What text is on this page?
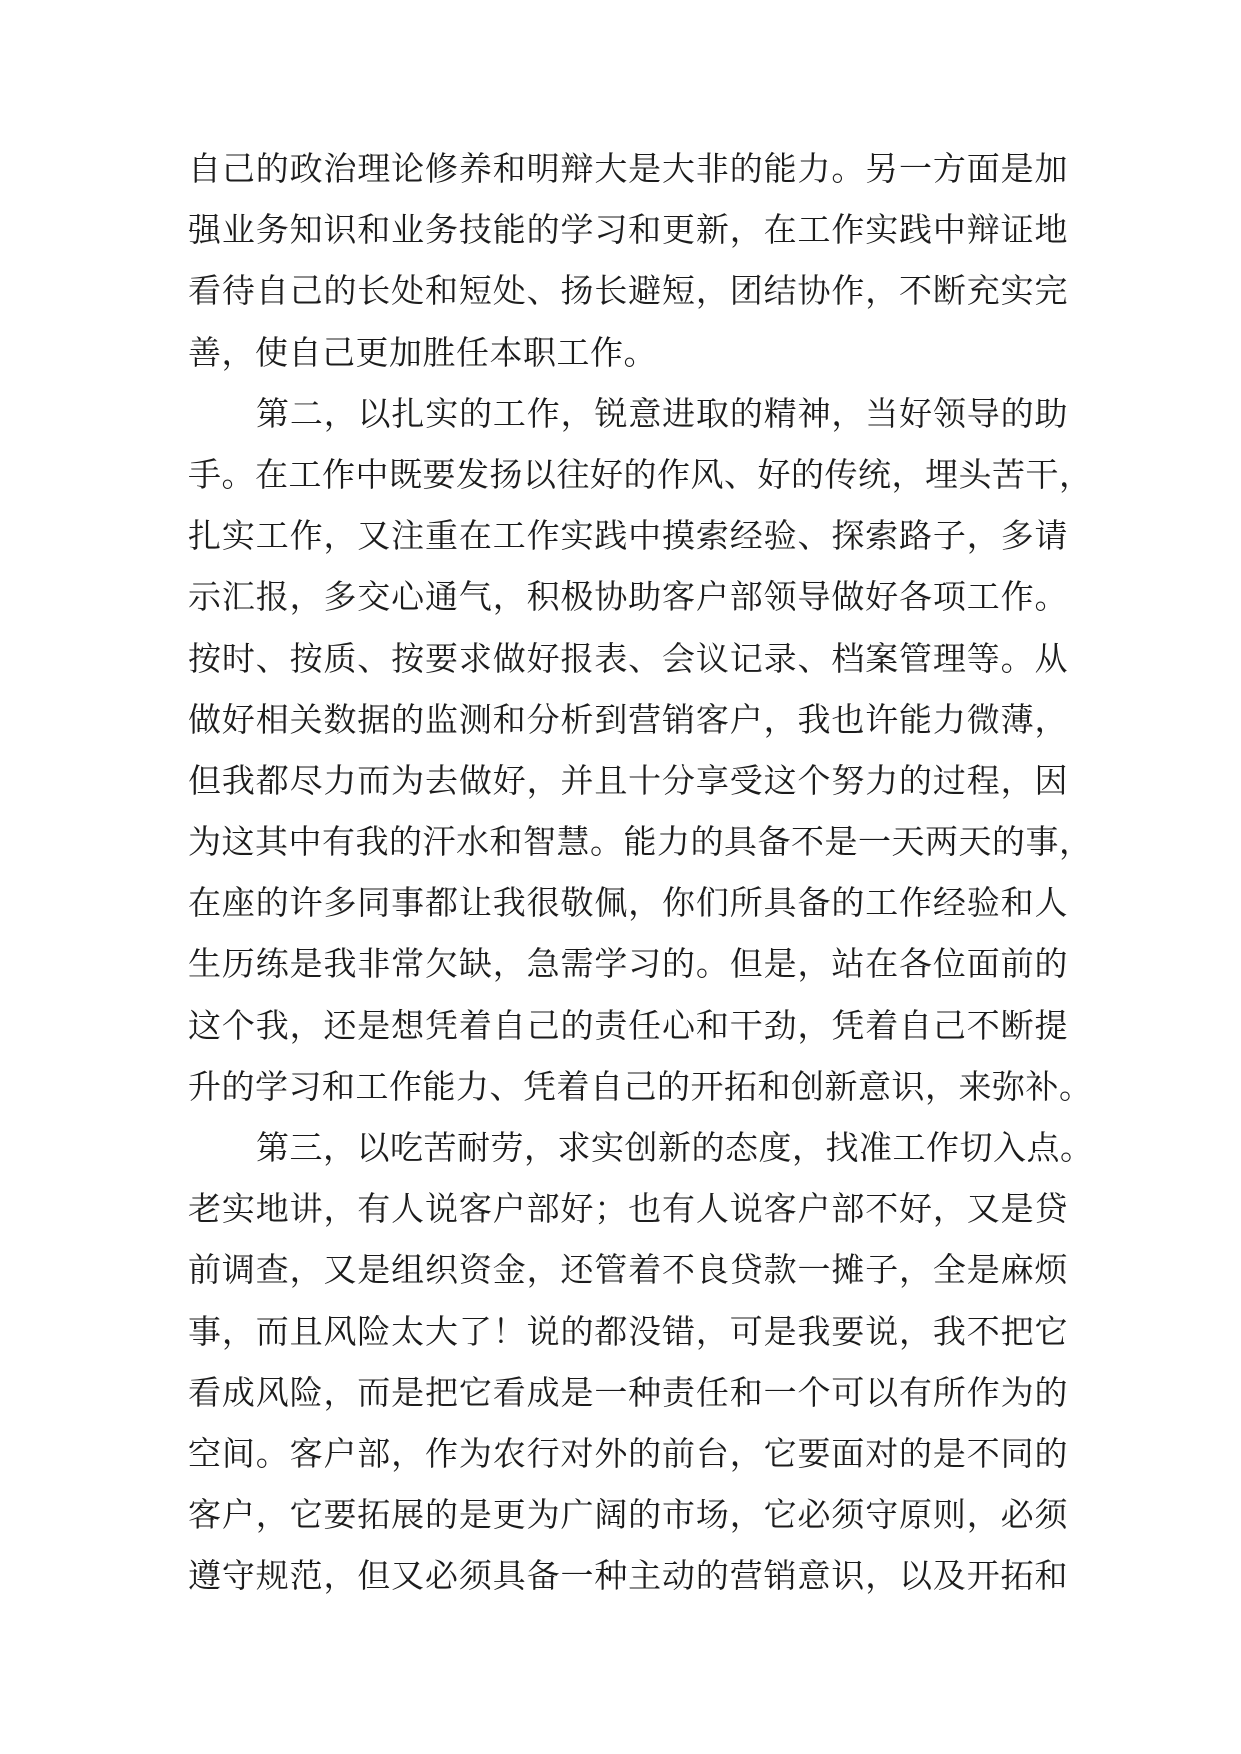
自己的政治理论修养和明辩大是大非的能力。另一方面是加
强业务知识和业务技能的学习和更新，在工作实践中辩证地
看待自己的长处和短处、扬长避短，团结协作，不断充实完
善，使自己更加胜任本职工作。
第二，以扎实的工作，锐意进取的精神，当好领导的助
手。在工作中既要发扬以往好的作风、好的传统，埋头苦干，
扎实工作，又注重在工作实践中摸索经验、探索路子，多请
示汇报，多交心通气，积极协助客户部领导做好各项工作。
按时、按质、按要求做好报表、会议记录、档案管理等。从
做好相关数据的监测和分析到营销客户，我也许能力微薄，
但我都尽力而为去做好，并且十分享受这个努力的过程，因
为这其中有我的汗水和智慧。能力的具备不是一天两天的事，
在座的许多同事都让我很敬佩，你们所具备的工作经验和人
生历练是我非常欠缺，急需学习的。但是，站在各位面前的
这个我，还是想凭着自己的责任心和干劲，凭着自己不断提
升的学习和工作能力、凭着自己的开拓和创新意识，来弥补。
第三，以吃苦耐劳，求实创新的态度，找准工作切入点。
老实地讲，有人说客户部好；也有人说客户部不好，又是贷
前调查，又是组织资金，还管着不良贷款一摊子，全是麻烦
事，而且风险太大了！说的都没错，可是我要说，我不把它
看成风险，而是把它看成是一种责任和一个可以有所作为的
空间。客户部，作为农行对外的前台，它要面对的是不同的
客户，它要拓展的是更为广阔的市场，它必须守原则，必须
遵守规范，但又必须具备一种主动的营销意识，以及开拓和
